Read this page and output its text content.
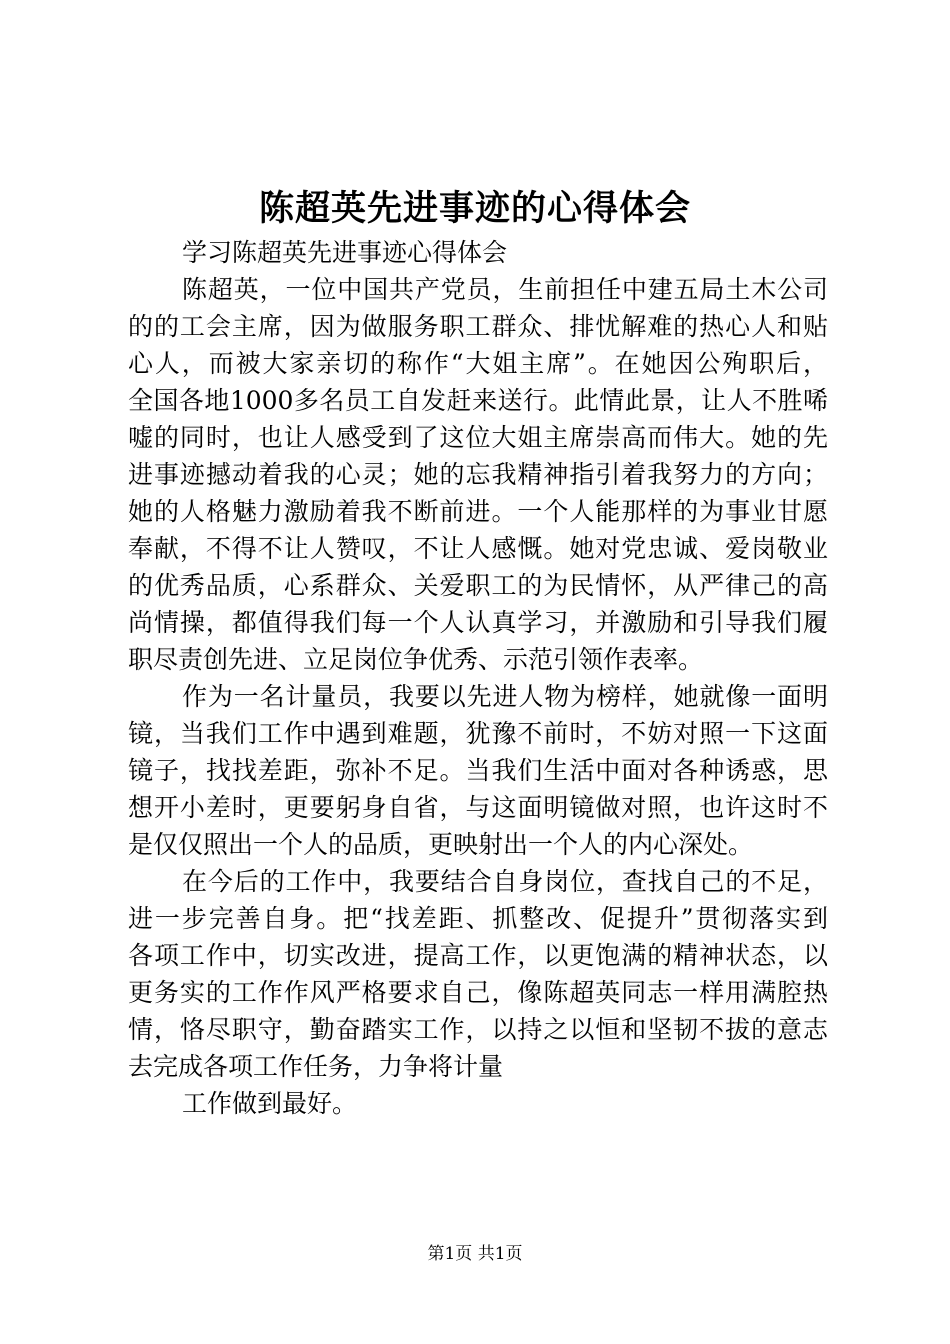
陈超英先进事迹的心得体会
学习陈超英先进事迹心得体会
陈超英，一位中国共产党员，生前担任中建五局土木公司
的的工会主席，因为做服务职工群众、排忧解难的热心人和贴
心人，而被大家亲切的称作“大姐主席”。在她因公殉职后，
全国各地1000多名员工自发赶来送行。此情此景，让人不胜唏
嘘的同时，也让人感受到了这位大姐主席崇高而伟大。她的先
进事迹撼动着我的心灵；她的忘我精神指引着我努力的方向；
她的人格魅力激励着我不断前进。一个人能那样的为事业甘愿
奉献，不得不让人赞叹，不让人感慨。她对党忠诚、爱岗敬业
的优秀品质，心系群众、关爱职工的为民情怀，从严律己的高
尚情操，都值得我们每一个人认真学习，并激励和引导我们履
职尽责创先进、立足岗位争优秀、示范引领作表率。
作为一名计量员，我要以先进人物为榜样，她就像一面明
镜，当我们工作中遇到难题，犹豫不前时，不妨对照一下这面
镜子，找找差距，弥补不足。当我们生活中面对各种诱惑，思
想开小差时，更要躬身自省，与这面明镜做对照，也许这时不
是仅仅照出一个人的品质，更映射出一个人的内心深处。
在今后的工作中，我要结合自身岗位，查找自己的不足，
进一步完善自身。把“找差距、抓整改、促提升”贯彻落实到
各项工作中，切实改进，提高工作，以更饱满的精神状态，以
更务实的工作作风严格要求自己，像陈超英同志一样用满腔热
情，恪尽职守，勤奋踏实工作，以持之以恒和坚韧不拔的意志
去完成各项工作任务，力争将计量
工作做到最好。
第1页 共1页
